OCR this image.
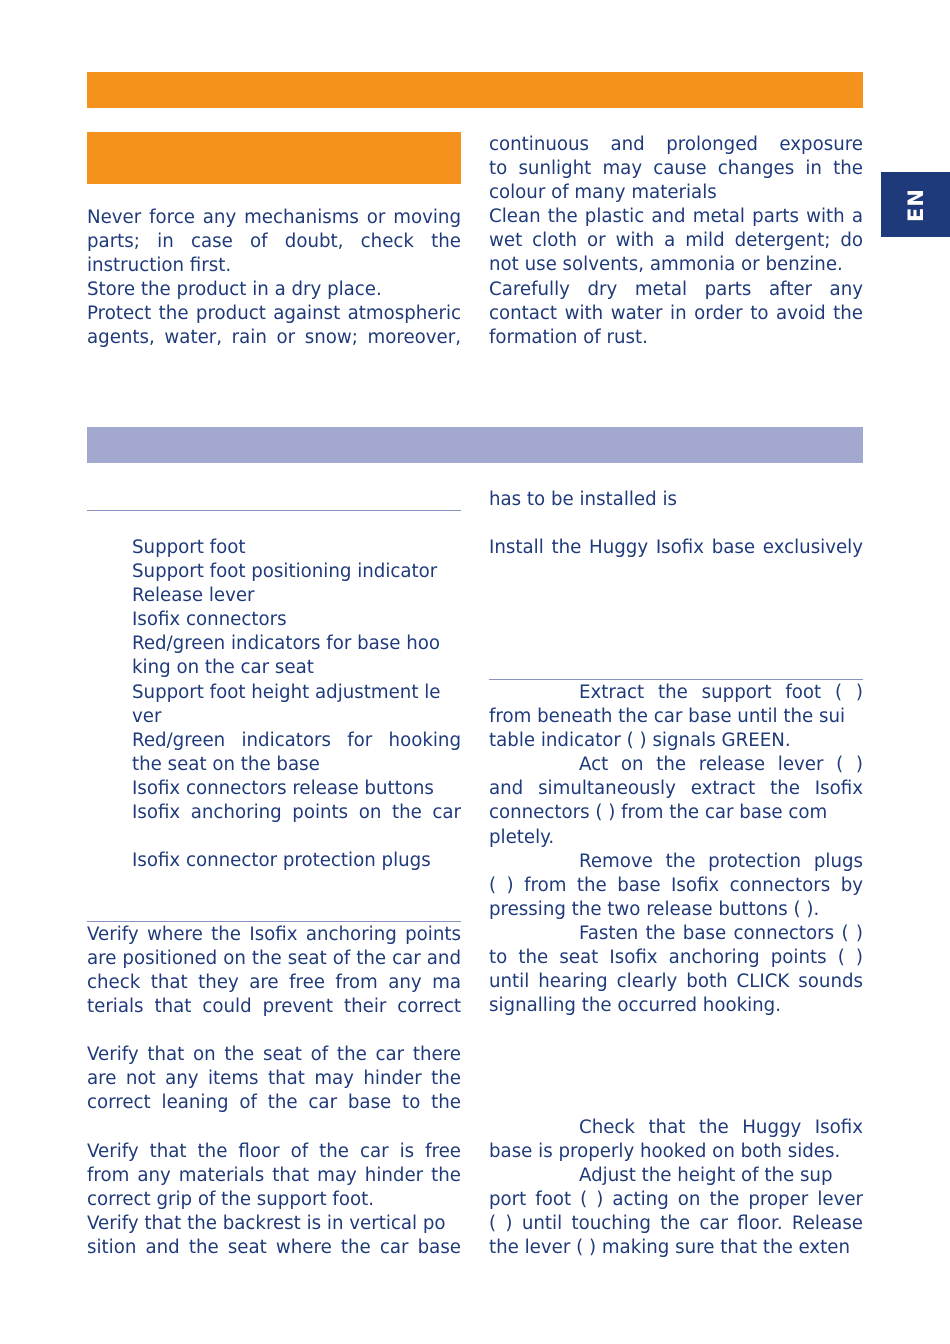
EN
Never force any mechanisms or moving
parts; in case of doubt, check the
instruction first.
Store the product in a dry place.
Protect the product against atmospheric
agents, water, rain or snow; moreover,
continuous and prolonged exposure
to sunlight may cause changes in the
colour of many materials
Clean the plastic and metal parts with a
wet cloth or with a mild detergent; do
not use solvents, ammonia or benzine.
Carefully dry metal parts after any
contact with water in order to avoid the
formation of rust.
Support foot
Support foot positioning indicator
Release lever
Isofix connectors
Red/green indicators for base hoo
king on the car seat
Support foot height adjustment le
ver
Red/green indicators for hooking
the seat on the base
Isofix connectors release buttons
Isofix anchoring points on the car
Isofix connector protection plugs
Verify where the Isofix anchoring points
are positioned on the seat of the car and
check that they are free from any ma
terials that could prevent their correct
Verify that on the seat of the car there
are not any items that may hinder the
correct leaning of the car base to the
Verify that the floor of the car is free
from any materials that may hinder the
correct grip of the support foot.
Verify that the backrest is in vertical po
sition and the seat where the car base
has to be installed is
Install the Huggy Isofix base exclusively
Extract the support foot ( )
from beneath the car base until the sui
table indicator ( ) signals GREEN.
Act on the release lever ( )
and simultaneously extract the Isofix
connectors ( ) from the car base com
pletely.
Remove the protection plugs
( ) from the base Isofix connectors by
pressing the two release buttons ( ).
Fasten the base connectors ( )
to the seat Isofix anchoring points ( )
until hearing clearly both CLICK sounds
signalling the occurred hooking.
Check that the Huggy Isofix
base is properly hooked on both sides.
Adjust the height of the sup
port foot ( ) acting on the proper lever
( ) until touching the car floor. Release
the lever ( ) making sure that the exten
